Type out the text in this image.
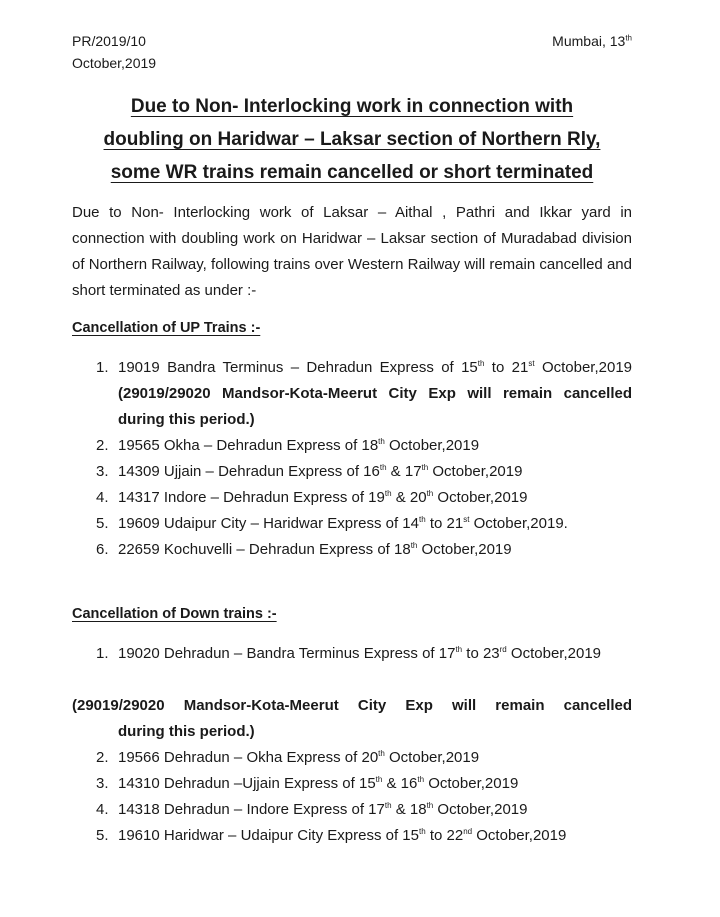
PR/2019/10	Mumbai, 13th
October,2019
Due to Non- Interlocking work in connection with
doubling on Haridwar – Laksar section of Northern Rly,
some WR trains remain cancelled or short terminated

Due to Non- Interlocking work of Laksar – Aithal , Pathri and Ikkar yard in connection with doubling work on Haridwar – Laksar section of Muradabad division of Northern Railway, following trains over Western Railway will remain cancelled and short terminated as under :-

Cancellation of UP Trains :-
1. 19019 Bandra Terminus – Dehradun Express of 15th to 21st October,2019 (29019/29020 Mandsor-Kota-Meerut City Exp will remain cancelled during this period.)
2. 19565 Okha – Dehradun Express of 18th October,2019
3. 14309 Ujjain – Dehradun Express of 16th & 17th October,2019
4. 14317 Indore – Dehradun Express of 19th & 20th October,2019
5. 19609 Udaipur City – Haridwar Express of 14th to 21st October,2019.
6. 22659 Kochuvelli – Dehradun Express of 18th October,2019
Cancellation of Down trains :-
1. 19020 Dehradun – Bandra Terminus Express of 17th to 23rd October,2019
(29019/29020 Mandsor-Kota-Meerut City Exp will remain cancelled
during this period.)
2. 19566 Dehradun – Okha Express of 20th October,2019
3. 14310 Dehradun –Ujjain Express of 15th & 16th October,2019
4. 14318 Dehradun – Indore Express of 17th & 18th October,2019
5. 19610 Haridwar – Udaipur City Express of 15th to 22nd October,2019
